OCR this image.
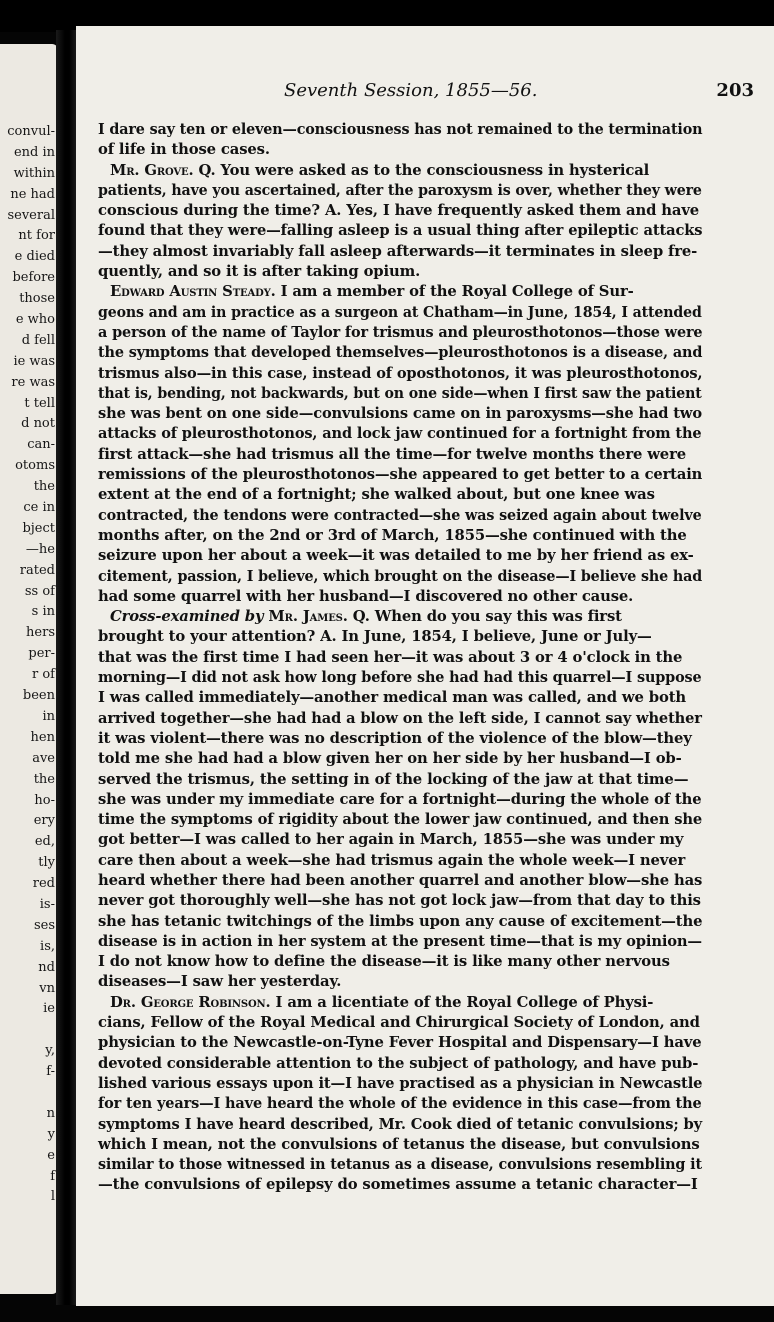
convul-
end in
within
ne had
several
nt for
e died
before
those
e who
d fell
ie was
re was
t tell
d not
can-
otoms
the
ce in
bject
—he
rated
ss of
s in
hers
per-
r of
been
in
hen
ave
the
ho-
ery
ed,
tly
red
is-
ses
is,
nd
vn
ie
y,
f-
n
y
e
f
l
Seventh Session, 1855—56.	203
I dare say ten or eleven—consciousness has not remained to the termination
of life in those cases.
Mr. Grove. Q. You were asked as to the consciousness in hysterical
patients, have you ascertained, after the paroxysm is over, whether they were
conscious during the time? A. Yes, I have frequently asked them and have
found that they were—falling asleep is a usual thing after epileptic attacks
—they almost invariably fall asleep afterwards—it terminates in sleep fre-
quently, and so it is after taking opium.
Edward Austin Steady. I am a member of the Royal College of Sur-
geons and am in practice as a surgeon at Chatham—in June, 1854, I attended
a person of the name of Taylor for trismus and pleurosthotonos—those were
the symptoms that developed themselves—pleurosthotonos is a disease, and
trismus also—in this case, instead of oposthotonos, it was pleurosthotonos,
that is, bending, not backwards, but on one side—when I first saw the patient
she was bent on one side—convulsions came on in paroxysms—she had two
attacks of pleurosthotonos, and lock jaw continued for a fortnight from the
first attack—she had trismus all the time—for twelve months there were
remissions of the pleurosthotonos—she appeared to get better to a certain
extent at the end of a fortnight; she walked about, but one knee was
contracted, the tendons were contracted—she was seized again about twelve
months after, on the 2nd or 3rd of March, 1855—she continued with the
seizure upon her about a week—it was detailed to me by her friend as ex-
citement, passion, I believe, which brought on the disease—I believe she had
had some quarrel with her husband—I discovered no other cause.
Cross-examined by Mr. James. Q. When do you say this was first
brought to your attention? A. In June, 1854, I believe, June or July—
that was the first time I had seen her—it was about 3 or 4 o'clock in the
morning—I did not ask how long before she had had this quarrel—I suppose
I was called immediately—another medical man was called, and we both
arrived together—she had had a blow on the left side, I cannot say whether
it was violent—there was no description of the violence of the blow—they
told me she had had a blow given her on her side by her husband—I ob-
served the trismus, the setting in of the locking of the jaw at that time—
she was under my immediate care for a fortnight—during the whole of the
time the symptoms of rigidity about the lower jaw continued, and then she
got better—I was called to her again in March, 1855—she was under my
care then about a week—she had trismus again the whole week—I never
heard whether there had been another quarrel and another blow—she has
never got thoroughly well—she has not got lock jaw—from that day to this
she has tetanic twitchings of the limbs upon any cause of excitement—the
disease is in action in her system at the present time—that is my opinion—
I do not know how to define the disease—it is like many other nervous
diseases—I saw her yesterday.
Dr. George Robinson. I am a licentiate of the Royal College of Physi-
cians, Fellow of the Royal Medical and Chirurgical Society of London, and
physician to the Newcastle-on-Tyne Fever Hospital and Dispensary—I have
devoted considerable attention to the subject of pathology, and have pub-
lished various essays upon it—I have practised as a physician in Newcastle
for ten years—I have heard the whole of the evidence in this case—from the
symptoms I have heard described, Mr. Cook died of tetanic convulsions; by
which I mean, not the convulsions of tetanus the disease, but convulsions
similar to those witnessed in tetanus as a disease, convulsions resembling it
—the convulsions of epilepsy do sometimes assume a tetanic character—I
